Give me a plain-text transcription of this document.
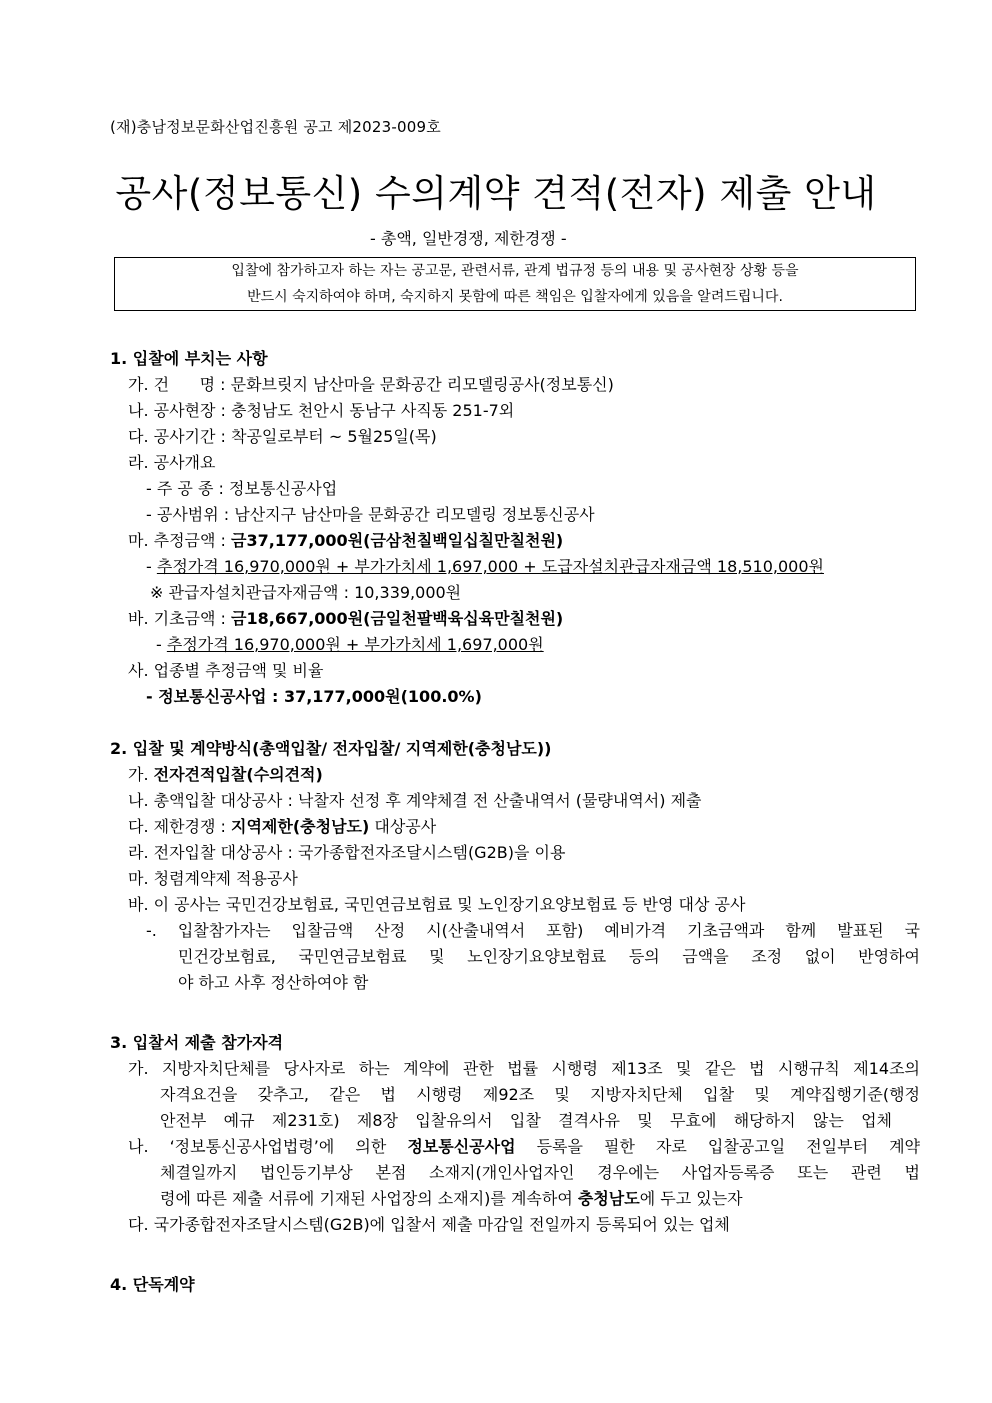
(재)충남정보문화산업진흥원 공고 제2023-009호
공사(정보통신) 수의계약 견적(전자) 제출 안내
- 총액, 일반경쟁, 제한경쟁 -
입찰에 참가하고자 하는 자는 공고문, 관련서류, 관계 법규정 등의 내용 및 공사현장 상황 등을
반드시 숙지하여야 하며, 숙지하지 못함에 따른 책임은 입찰자에게 있음을 알려드립니다.
1. 입찰에 부치는 사항
가. 건      명 : 문화브릿지 남산마을 문화공간 리모델링공사(정보통신)
나. 공사현장 : 충청남도 천안시 동남구 사직동 251-7외
다. 공사기간 : 착공일로부터 ~ 5월25일(목)
라. 공사개요
- 주 공 종 : 정보통신공사업
- 공사범위 : 남산지구 남산마을 문화공간 리모델링 정보통신공사
마. 추정금액 : 금37,177,000원(금삼천칠백일십칠만칠천원)
- 추정가격 16,970,000원 + 부가가치세 1,697,000 + 도급자설치관급자재금액 18,510,000원
※ 관급자설치관급자재금액 : 10,339,000원
바. 기초금액 : 금18,667,000원(금일천팔백육십육만칠천원)
- 추정가격 16,970,000원 + 부가가치세 1,697,000원
사. 업종별 추정금액 및 비율
- 정보통신공사업 : 37,177,000원(100.0%)
2. 입찰 및 계약방식(총액입찰/ 전자입찰/ 지역제한(충청남도))
가. 전자견적입찰(수의견적)
나. 총액입찰 대상공사 : 낙찰자 선정 후 계약체결 전 산출내역서 (물량내역서) 제출
다. 제한경쟁 : 지역제한(충청남도) 대상공사
라. 전자입찰 대상공사 : 국가종합전자조달시스템(G2B)을 이용
마. 청렴계약제 적용공사
바. 이 공사는 국민건강보험료, 국민연금보험료 및 노인장기요양보험료 등 반영 대상 공사
-. 입찰참가자는 입찰금액 산정 시(산출내역서 포함) 예비가격 기초금액과 함께 발표된 국
민건강보험료, 국민연금보험료 및 노인장기요양보험료 등의 금액을 조정 없이 반영하여
야 하고 사후 정산하여야 함
3. 입찰서 제출 참가자격
가. 지방자치단체를 당사자로 하는 계약에 관한 법률 시행령 제13조 및 같은 법 시행규칙 제14조의
자격요건을 갖추고, 같은 법 시행령 제92조 및 지방자치단체 입찰 및 계약집행기준(행정
안전부 예규 제231호) 제8장 입찰유의서 입찰 결격사유 및 무효에 해당하지 않는 업체
나. ‘정보통신공사업법령’에 의한 정보통신공사업 등록을 필한 자로 입찰공고일 전일부터 계약
체결일까지 법인등기부상 본점 소재지(개인사업자인 경우에는 사업자등록증 또는 관련 법
령에 따른 제출 서류에 기재된 사업장의 소재지)를 계속하여 충청남도에 두고 있는자
다. 국가종합전자조달시스템(G2B)에 입찰서 제출 마감일 전일까지 등록되어 있는 업체
4. 단독계약
